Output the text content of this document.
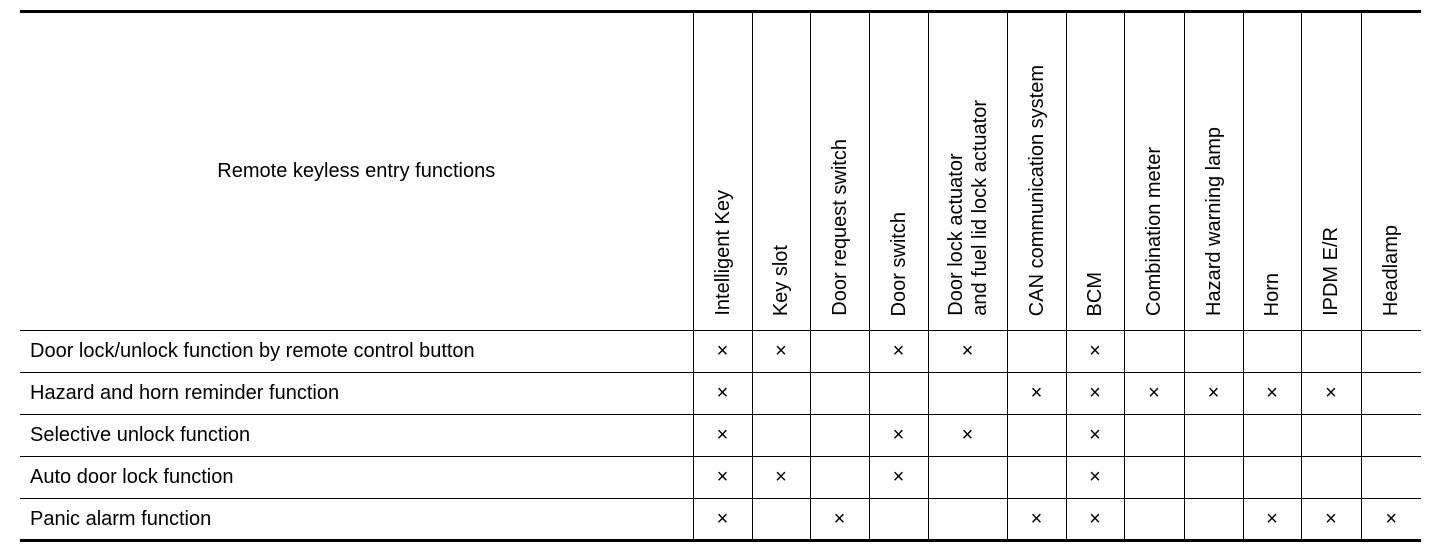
Remote keyless entry functions	Intelligent Key	Key slot	Door request switch	Door switch	Door lock actuator
and fuel lid lock actuator	CAN communication system	BCM	Combination meter	Hazard warning lamp	Horn	IPDM E/R	Headlamp

Door lock/unlock function by remote control button	×	×		×	×		×					
Hazard and horn reminder function	×					×	×	×	×	×	×	
Selective unlock function	×			×	×		×					
Auto door lock function	×	×		×			×					
Panic alarm function	×		×			×	×			×	×	×
